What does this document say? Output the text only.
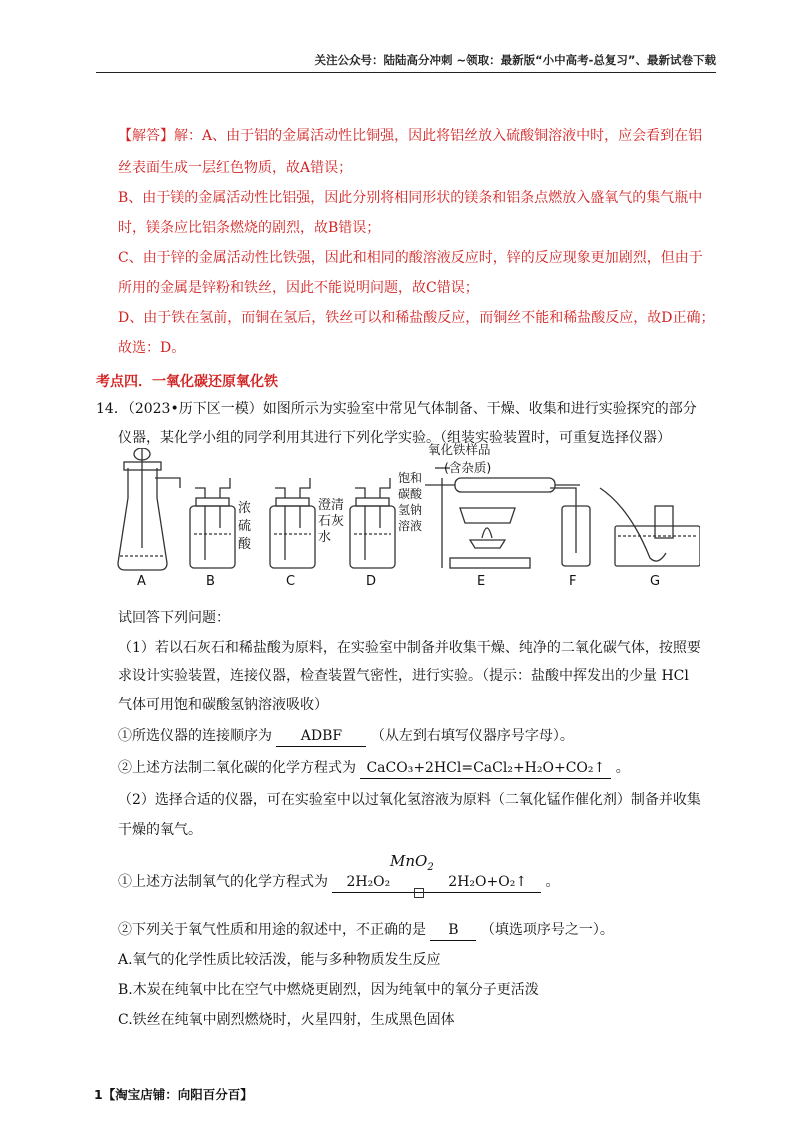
关注公众号：陆陆高分冲刺 ~领取：最新版“小中高考-总复习”、最新试卷下载
【解答】解：A、由于铝的金属活动性比铜强，因此将铝丝放入硫酸铜溶液中时，应会看到在铝
丝表面生成一层红色物质，故A错误；
B、由于镁的金属活动性比铝强，因此分别将相同形状的镁条和铝条点燃放入盛氧气的集气瓶中
时，镁条应比铝条燃烧的剧烈，故B错误；
C、由于锌的金属活动性比铁强，因此和相同的酸溶液反应时，锌的反应现象更加剧烈，但由于
所用的金属是锌粉和铁丝，因此不能说明问题，故C错误；
D、由于铁在氢前，而铜在氢后，铁丝可以和稀盐酸反应，而铜丝不能和稀盐酸反应，故D正确；
故选：D。
考点四．一氧化碳还原氧化铁
14．（2023•历下区一模）如图所示为实验室中常见气体制备、干燥、收集和进行实验探究的部分
仪器，某化学小组的同学利用其进行下列化学实验。（组装实验装置时，可重复选择仪器）
浓硫酸
澄清石灰水
饱和碳酸氢钠溶液
氧化铁样品
(含杂质)
A	B	C	D	E	F	G
试回答下列问题：
（1）若以石灰石和稀盐酸为原料，在实验室中制备并收集干燥、纯净的二氧化碳气体，按照要
求设计实验装置，连接仪器，检查装置气密性，进行实验。（提示：盐酸中挥发出的少量 HCl
气体可用饱和碳酸氢钠溶液吸收）
①所选仪器的连接顺序为 ADBF （从左到右填写仪器序号字母）。
②上述方法制二氧化碳的化学方程式为 CaCO₃+2HCl=CaCl₂+H₂O+CO₂↑ 。
（2）选择合适的仪器，可在实验室中以过氧化氢溶液为原料（二氧化锰作催化剂）制备并收集
干燥的氧气。
MnO$_2$
①上述方法制氧气的化学方程式为 2H₂O₂	2H₂O+O₂↑ 。
②下列关于氧气性质和用途的叙述中，不正确的是 B （填选项序号之一）。
A.氧气的化学性质比较活泼，能与多种物质发生反应
B.木炭在纯氧中比在空气中燃烧更剧烈，因为纯氧中的氧分子更活泼
C.铁丝在纯氧中剧烈燃烧时，火星四射，生成黑色固体
1【淘宝店铺：向阳百分百】
